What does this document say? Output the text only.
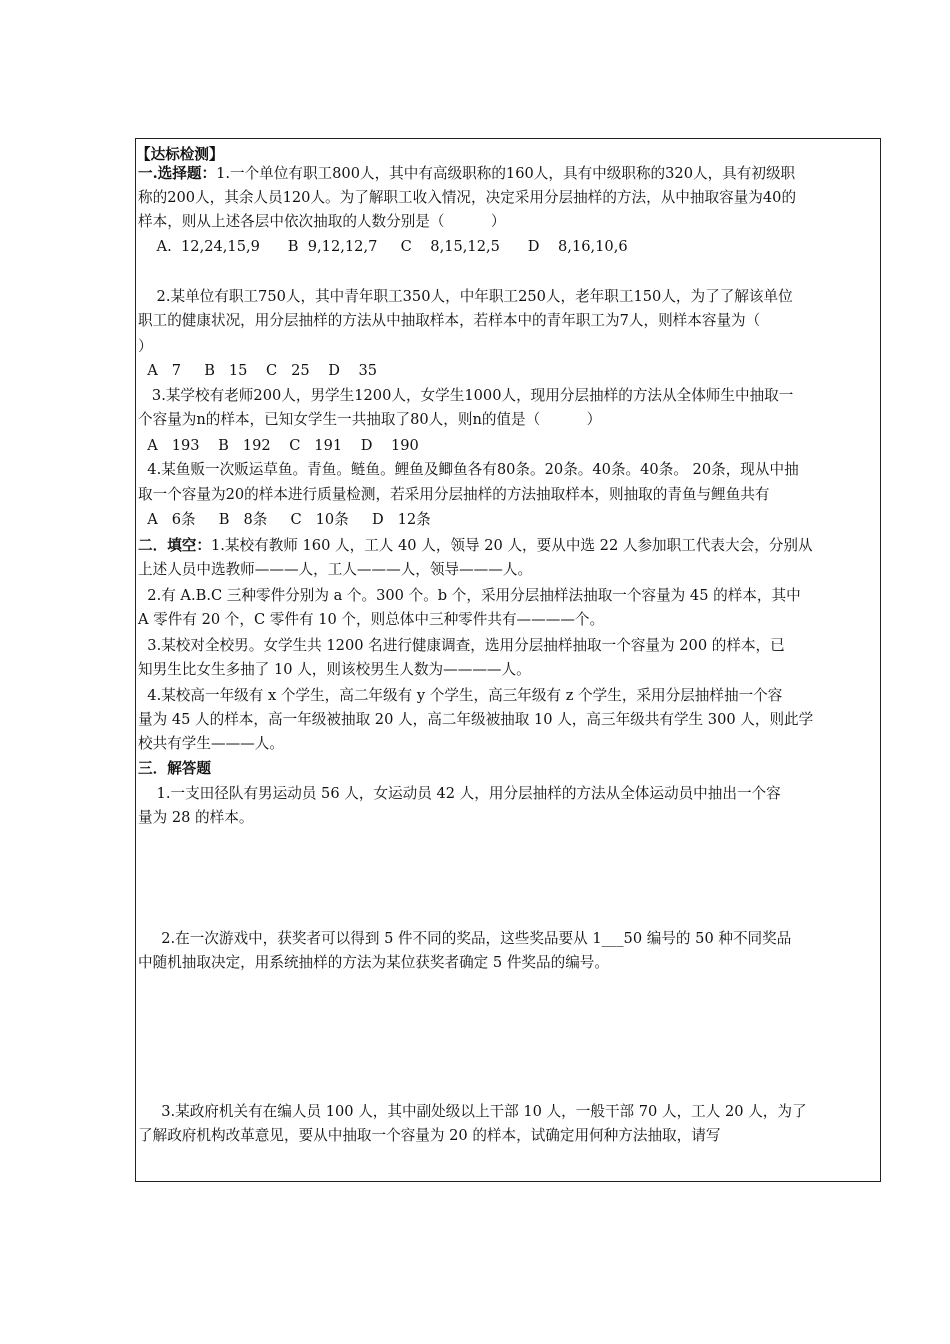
【达标检测】
一.选择题：1.一个单位有职工800人，其中有高级职称的160人，具有中级职称的320人，具有初级职
称的200人，其余人员120人。为了解职工收入情况，决定采用分层抽样的方法，从中抽取容量为40的
样本，则从上述各层中依次抽取的人数分别是（          ）
A.  12,24,15,9      B  9,12,12,7     C    8,15,12,5      D    8,16,10,6
2.某单位有职工750人，其中青年职工350人，中年职工250人，老年职工150人，为了了解该单位
职工的健康状况，用分层抽样的方法从中抽取样本，若样本中的青年职工为7人，则样本容量为（
）
A   7     B   15    C   25    D    35
3.某学校有老师200人，男学生1200人，女学生1000人，现用分层抽样的方法从全体师生中抽取一
个容量为n的样本，已知女学生一共抽取了80人，则n的值是（          ）
A   193    B   192    C   191    D    190
4.某鱼贩一次贩运草鱼。青鱼。鲢鱼。鲤鱼及鲫鱼各有80条。20条。40条。40条。 20条，现从中抽
取一个容量为20的样本进行质量检测，若采用分层抽样的方法抽取样本，则抽取的青鱼与鲤鱼共有
A   6条     B   8条     C   10条     D   12条
二．填空：1.某校有教师 160 人，工人 40 人，领导 20 人，要从中选 22 人参加职工代表大会，分别从
上述人员中选教师———人，工人———人，领导———人。
2.有 A.B.C 三种零件分别为 a 个。300 个。b 个，采用分层抽样法抽取一个容量为 45 的样本，其中
A 零件有 20 个，C 零件有 10 个，则总体中三种零件共有————个。
3.某校对全校男。女学生共 1200 名进行健康调查，选用分层抽样抽取一个容量为 200 的样本，已
知男生比女生多抽了 10 人，则该校男生人数为————人。
4.某校高一年级有 x 个学生，高二年级有 y 个学生，高三年级有 z 个学生，采用分层抽样抽一个容
量为 45 人的样本，高一年级被抽取 20 人，高二年级被抽取 10 人，高三年级共有学生 300 人，则此学
校共有学生———人。
三．解答题
1.一支田径队有男运动员 56 人，女运动员 42 人，用分层抽样的方法从全体运动员中抽出一个容
量为 28 的样本。
2.在一次游戏中，获奖者可以得到 5 件不同的奖品，这些奖品要从 1___50 编号的 50 种不同奖品
中随机抽取决定，用系统抽样的方法为某位获奖者确定 5 件奖品的编号。
3.某政府机关有在编人员 100 人，其中副处级以上干部 10 人，一般干部 70 人，工人 20 人，为了
了解政府机构改革意见，要从中抽取一个容量为 20 的样本，试确定用何种方法抽取，请写
